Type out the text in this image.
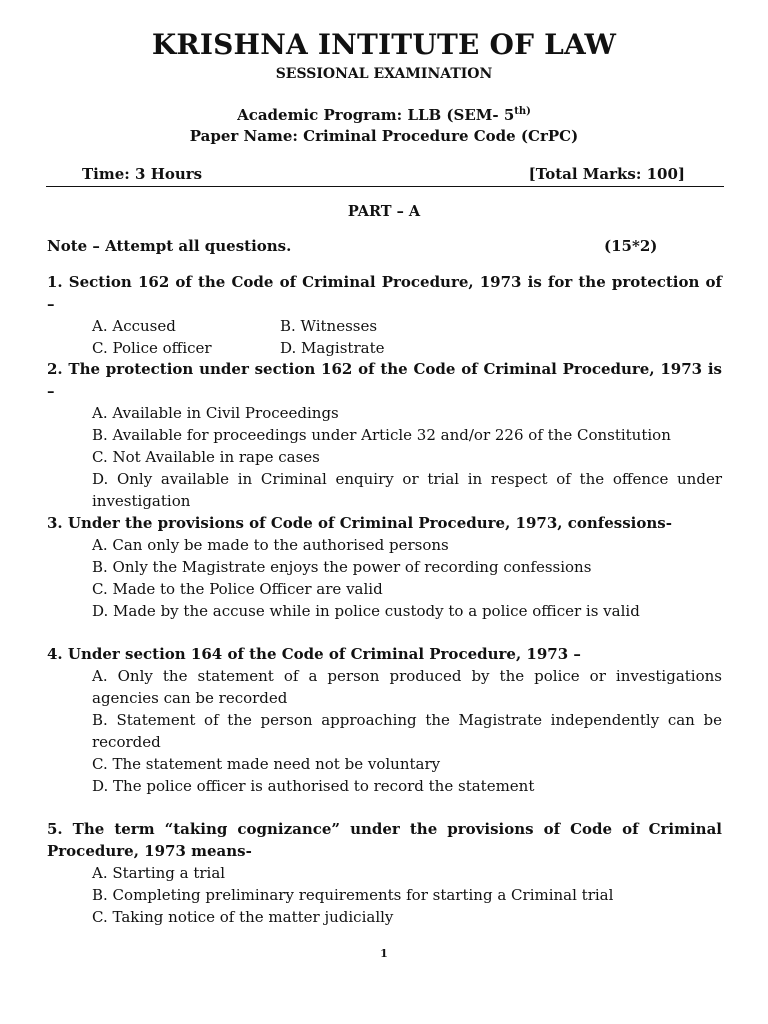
KRISHNA INTITUTE OF LAW
SESSIONAL EXAMINATION
Academic Program: LLB (SEM- $5^{th)}$
Paper Name: Criminal Procedure Code (CrPC)
Time: 3 Hours	[Total Marks: 100]
PART – A
Note – Attempt all questions.	(15*2)
1. Section 162 of the Code of Criminal Procedure, 1973 is for the protection of –
A. Accused	B. Witnesses
C. Police officer	D. Magistrate
2. The protection under section 162 of the Code of Criminal Procedure, 1973 is –
A. Available in Civil Proceedings
B. Available for proceedings under Article 32 and/or 226 of the Constitution
C. Not Available in rape cases
D. Only available in Criminal enquiry or trial in respect of the offence under investigation
3. Under the provisions of Code of Criminal Procedure, 1973, confessions-
A. Can only be made to the authorised persons
B. Only the Magistrate enjoys the power of recording confessions
C. Made to the Police Officer are valid
D. Made by the accuse while in police custody to a police officer is valid
4. Under section 164 of the Code of Criminal Procedure, 1973 –
A. Only the statement of a person produced by the police or investigations agencies can be recorded
B. Statement of the person approaching the Magistrate independently can be recorded
C. The statement made need not be voluntary
D. The police officer is authorised to record the statement
5. The term “taking cognizance” under the provisions of Code of Criminal Procedure, 1973 means-
A. Starting a trial
B. Completing preliminary requirements for starting a Criminal trial
C. Taking notice of the matter judicially
1
